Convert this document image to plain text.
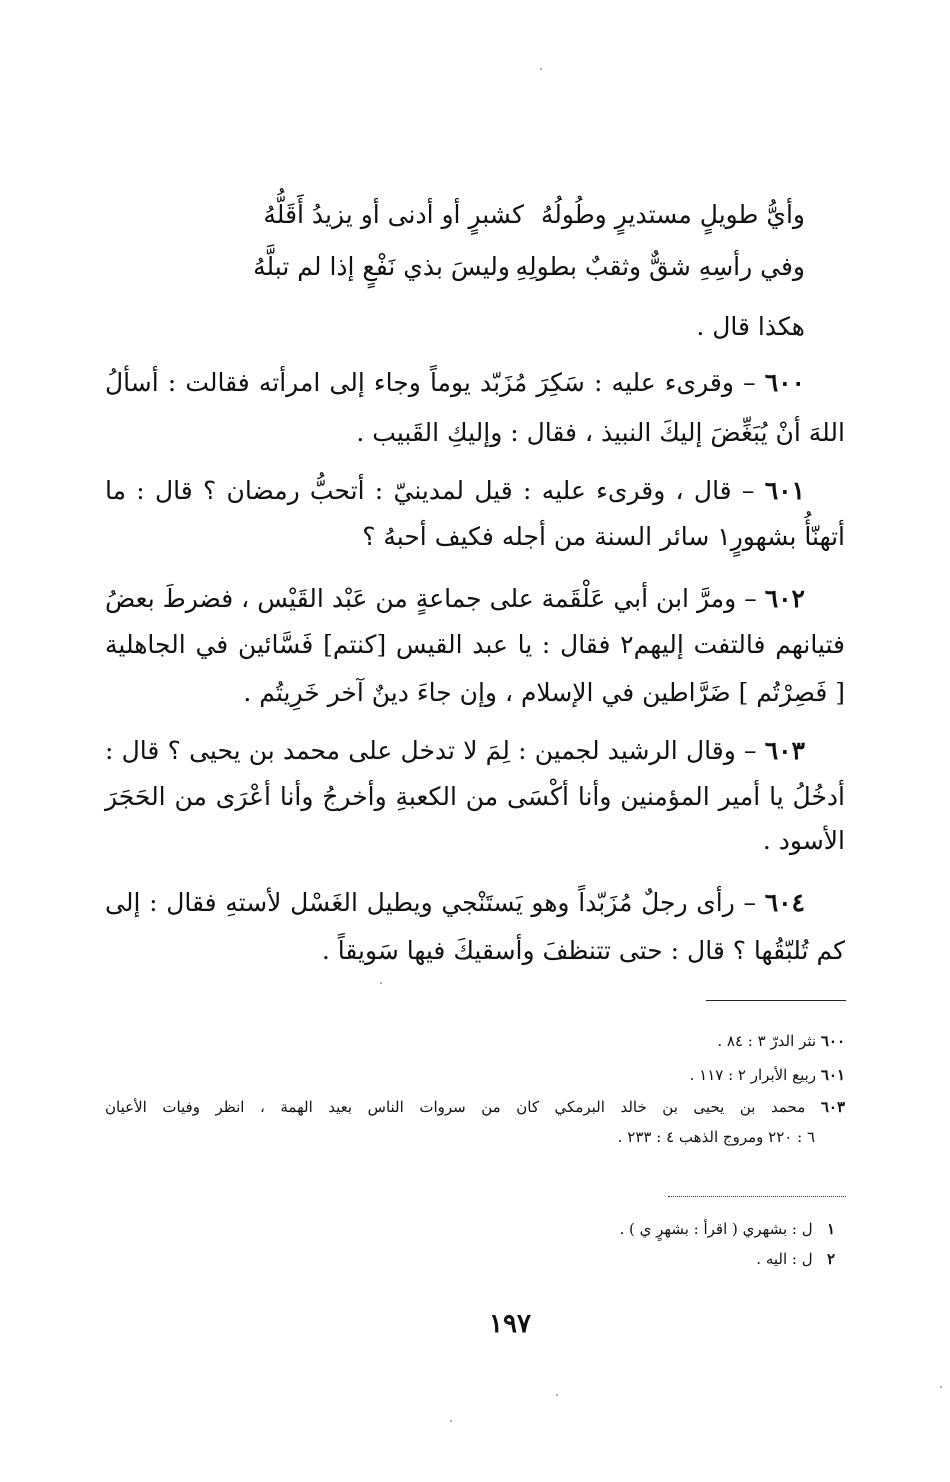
وأيُّ طويلٍ مستديرٍ وطُولُهُ
كشبرٍ أو أدنى أو يزيدُ أَقَلُّهُ
وفي رأسِهِ شقٌّ وثقبٌ بطولِهِ
وليسَ بذي نَفْعٍ إذا لم تبلَّهُ
هكذا قال .
٦٠٠ – وقرىء عليه : سَكِرَ مُزَبّد يوماً وجاء إلى امرأته فقالت : أسألُ
اللهَ أنْ يُبَغِّضَ إليكَ النبيذ ، فقال : وإليكِ القَبيب .
٦٠١ – قال ، وقرىء عليه : قيل لمدينيّ : أتحبُّ رمضان ؟ قال : ما
أتهنّأُ بشهورٍ١ سائر السنة من أجله فكيف أحبهُ ؟
٦٠٢ – ومرَّ ابن أبي عَلْقَمة على جماعةٍ من عَبْد القَيْس ، فضرطَ بعضُ
فتيانهم فالتفت إليهم٢ فقال : يا عبد القيس [كنتم] فَسَّائين في الجاهلية
[ فَصِرْتُم ] ضَرَّاطين في الإسلام ، وإن جاءَ دينٌ آخر خَرِيتُم .
٦٠٣ – وقال الرشيد لجمين : لِمَ لا تدخل على محمد بن يحيى ؟ قال :
أدخُلُ يا أمير المؤمنين وأنا أكْسَى من الكعبةِ وأخرجُ وأنا أعْرَى من الحَجَرَ
الأسود .
٦٠٤ – رأى رجلٌ مُزَبّداً وهو يَستَنْجي ويطيل الغَسْل لأستهِ فقال : إلى
كم تُلبّقُها ؟ قال : حتى تتنظفَ وأسقيكَ فيها سَويقاً .
٦٠٠ نثر الدرّ ٣ : ٨٤ .
٦٠١ ربيع الأبرار ٢ : ١١٧ .
٦٠٣ محمد بن يحيى بن خالد البرمكي كان من سروات الناس بعيد الهمة ، انظر وفيات الأعيان
٦ : ٢٢٠ ومروج الذهب ٤ : ٢٣٣ .
١   ل : بشهري ( اقرأ : بشهرٍ ي ) .
٢   ل : اليه .
١٩٧
